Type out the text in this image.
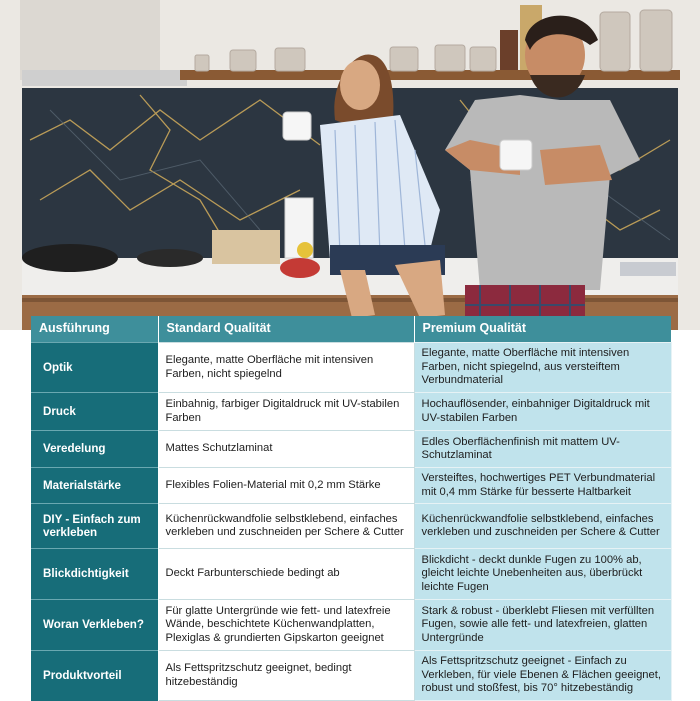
Ausführung	Standard Qualität	Premium Qualität
Optik	Elegante, matte Oberfläche mit intensiven Farben, nicht spiegelnd	Elegante, matte Oberfläche mit intensiven Farben, nicht spiegelnd, aus versteiftem Verbundmaterial
Druck	Einbahnig, farbiger Digitaldruck mit UV-stabilen Farben	Hochauflösender, einbahniger Digitaldruck mit UV-stabilen Farben
Veredelung	Mattes Schutzlaminat	Edles Oberflächenfinish mit mattem UV-Schutzlaminat
Materialstärke	Flexibles Folien-Material mit 0,2 mm Stärke	Versteiftes, hochwertiges PET Verbundmaterial mit 0,4 mm Stärke für besserte Haltbarkeit
DIY - Einfach zum verkleben	Küchenrückwandfolie selbstklebend, einfaches verkleben und zuschneiden per Schere & Cutter	Küchenrückwandfolie selbstklebend, einfaches verkleben und zuschneiden per Schere & Cutter
Blickdichtigkeit	Deckt Farbunterschiede bedingt ab	Blickdicht - deckt dunkle Fugen zu 100% ab, gleicht leichte Unebenheiten aus, überbrückt leichte Fugen
Woran Verkleben?	Für glatte Untergründe wie fett- und latexfreie Wände, beschichtete Küchenwandplatten, Plexiglas & grundierten Gipskarton geeignet	Stark & robust - überklebt Fliesen mit verfüllten Fugen, sowie alle fett- und latexfreien, glatten Untergründe
Produktvorteil	Als Fettspritzschutz geeignet, bedingt hitzebeständig	Als Fettspritzschutz geeignet - Einfach zu Verkleben, für viele Ebenen & Flächen geeignet, robust und stoßfest, bis 70° hitzebeständig
